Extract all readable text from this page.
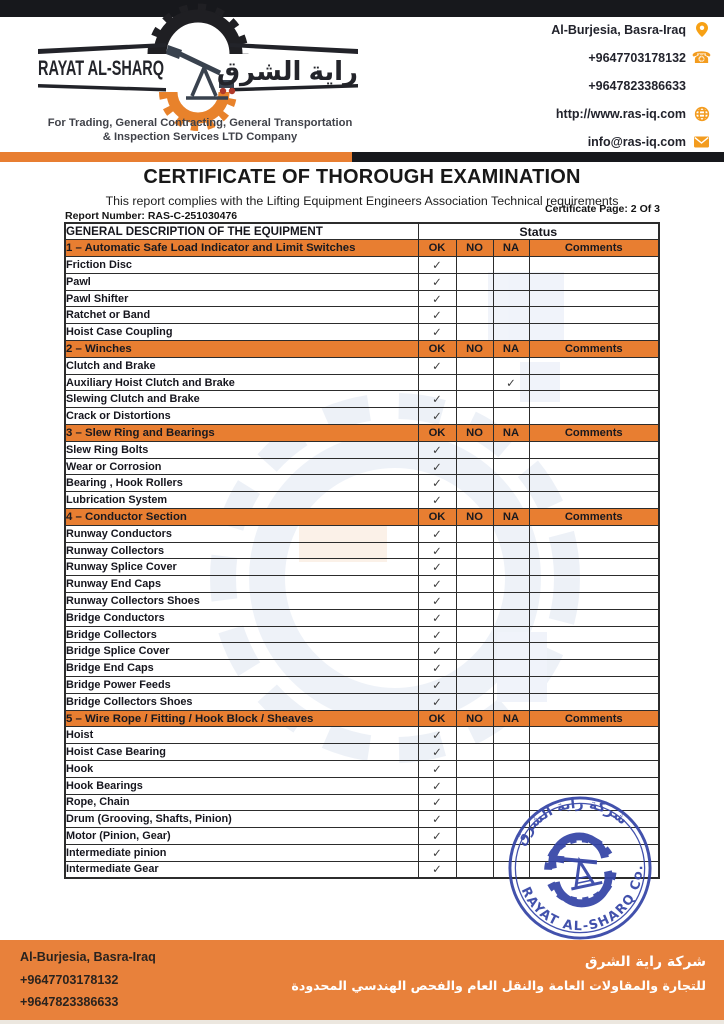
RAYAT AL-SHARQ راية الشرق
For Trading, General Contracting, General Transportation
& Inspection Services LTD Company
Al-Burjesia, Basra-Iraq
+9647703178132 ☎
+9647823386633
http://www.ras-iq.com
info@ras-iq.com
CERTIFICATE OF THOROUGH EXAMINATION
This report complies with the Lifting Equipment Engineers Association Technical requirements
Certificate Page: 2 Of 3
Report Number: RAS-C-251030476
GENERAL DESCRIPTION OF THE EQUIPMENT	Status			
1 – Automatic Safe Load Indicator and Limit Switches	OK	NO	NA	Comments
Friction Disc	✓			
Pawl	✓			
Pawl Shifter	✓			
Ratchet or Band	✓			
Hoist Case Coupling	✓			
2 – Winches	OK	NO	NA	Comments
Clutch and Brake	✓			
Auxiliary Hoist Clutch and Brake			✓	
Slewing Clutch and Brake	✓			
Crack or Distortions	✓			
3 – Slew Ring and Bearings	OK	NO	NA	Comments
Slew Ring Bolts	✓			
Wear or Corrosion	✓			
Bearing , Hook Rollers	✓			
Lubrication System	✓			
4 – Conductor Section	OK	NO	NA	Comments
Runway Conductors	✓			
Runway Collectors	✓			
Runway Splice Cover	✓			
Runway End Caps	✓			
Runway Collectors Shoes	✓			
Bridge Conductors	✓			
Bridge Collectors	✓			
Bridge Splice Cover	✓			
Bridge End Caps	✓			
Bridge Power Feeds	✓			
Bridge Collectors Shoes	✓			
5 – Wire Rope / Fitting / Hook Block / Sheaves	OK	NO	NA	Comments
Hoist	✓			
Hoist Case Bearing	✓			
Hook	✓			
Hook Bearings	✓			
Rope, Chain	✓			
Drum (Grooving, Shafts, Pinion)	✓			
Motor (Pinion, Gear)	✓			
Intermediate pinion	✓			
Intermediate Gear	✓			
شركة راية الشرق
RAYAT AL-SHARQ Co.
Al-Burjesia, Basra-Iraq
+9647703178132
+9647823386633
شركة راية الشرق
للتجارة والمقاولات العامة والنقل العام والفحص الهندسي المحدودة
